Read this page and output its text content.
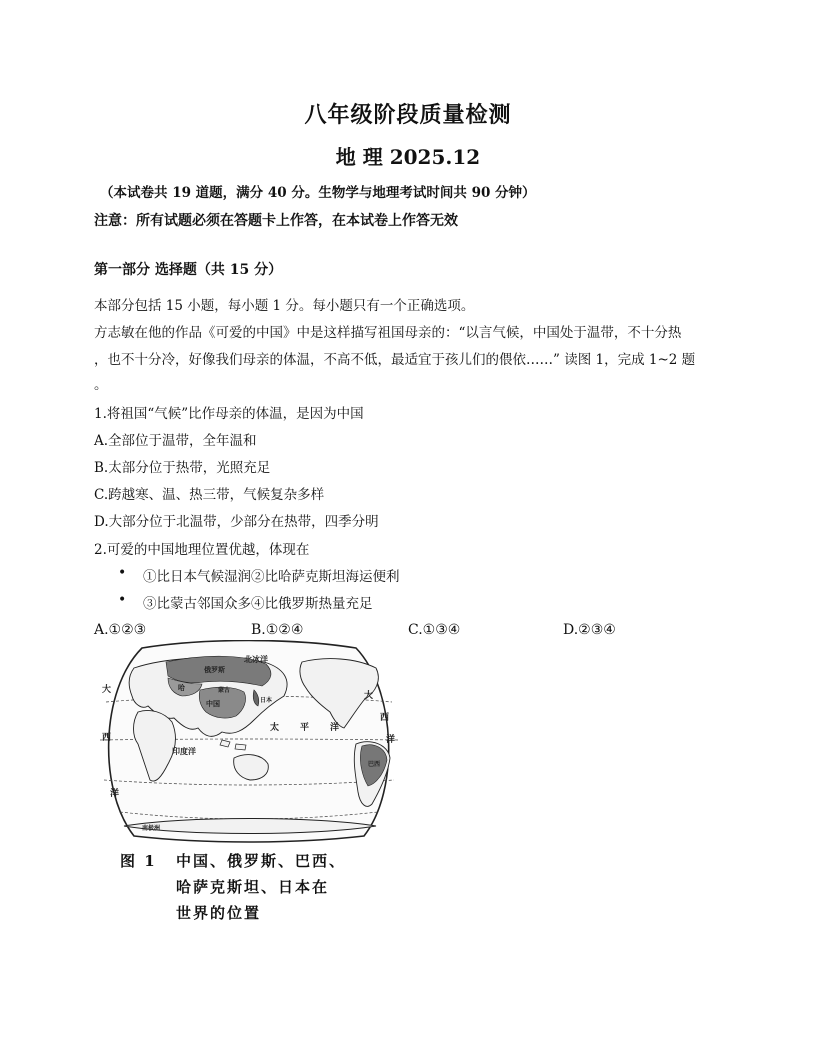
八年级阶段质量检测
地 理 2025.12
（本试卷共 19 道题，满分 40 分。生物学与地理考试时间共 90 分钟）
注意：所有试题必须在答题卡上作答，在本试卷上作答无效
第一部分 选择题（共 15 分）
本部分包括 15 小题，每小题 1 分。每小题只有一个正确选项。
方志敏在他的作品《可爱的中国》中是这样描写祖国母亲的：“以言气候，中国处于温带，不十分热
，也不十分冷，好像我们母亲的体温，不高不低，最适宜于孩儿们的偎依……” 读图 1，完成 1~2 题
。
1.将祖国“气候”比作母亲的体温，是因为中国
A.全部位于温带，全年温和
B.太部分位于热带，光照充足
C.跨越寒、温、热三带，气候复杂多样
D.大部分位于北温带，少部分在热带，四季分明
2.可爱的中国地理位置优越，体现在
• ①比日本气候湿润②比哈萨克斯坦海运便利
• ③比蒙古邻国众多④比俄罗斯热量充足
A.①②③	B.①②④	C.①③④	D.②③④
北冰洋
太 平 洋
印度洋
大
西
洋
大
西
洋
中国
俄罗斯
哈	蒙古
日本
巴西
南极洲
图 1 中国、俄罗斯、巴西、
哈萨克斯坦、日本在
世界的位置
